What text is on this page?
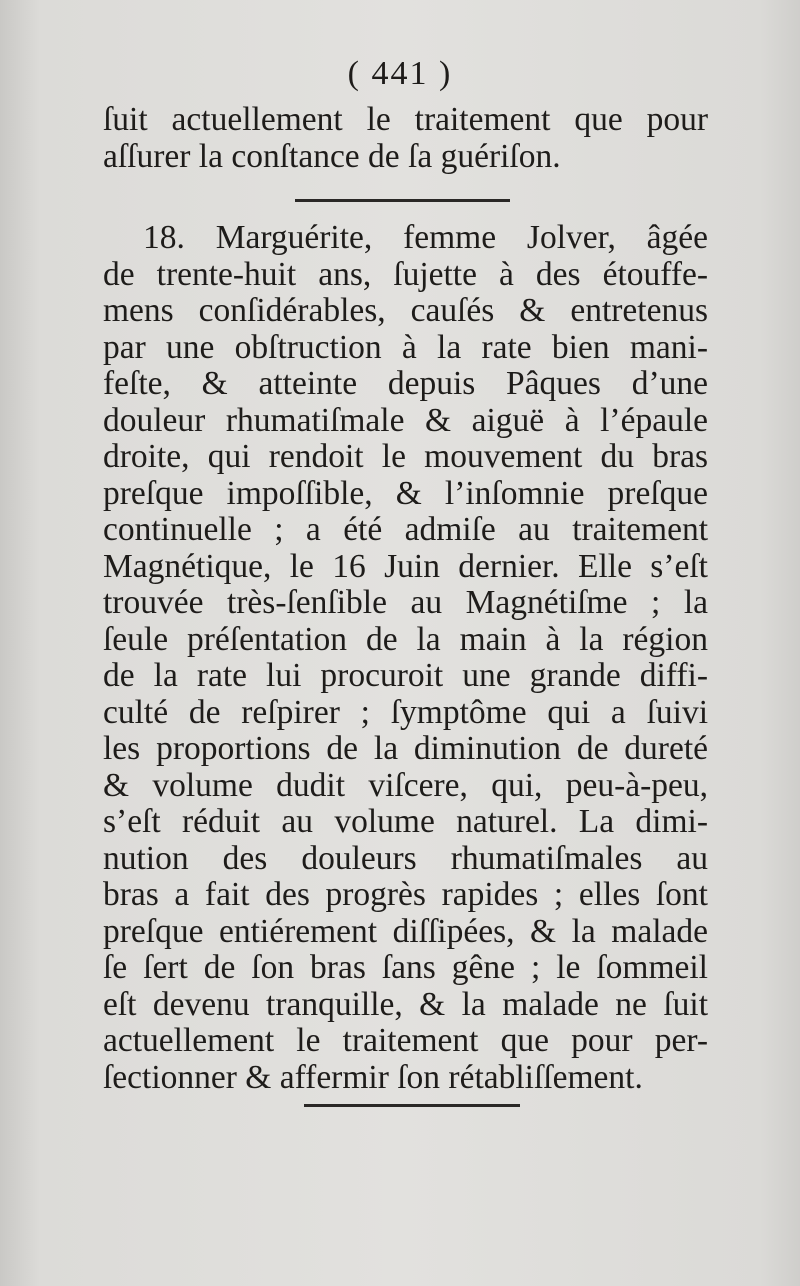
( 441 )
ſuit actuellement le traitement que pour
aſſurer la conſtance de ſa guériſon.
18. Marguérite, femme Jolver, âgée
de trente-huit ans, ſujette à des étouffe-
mens conſidérables, cauſés & entretenus
par une obſtruction à la rate bien mani-
feſte, & atteinte depuis Pâques d’une
douleur rhumatiſmale & aiguë à l’épaule
droite, qui rendoit le mouvement du bras
preſque impoſſible, & l’inſomnie preſque
continuelle ; a été admiſe au traitement
Magnétique, le 16 Juin dernier. Elle s’eſt
trouvée très-ſenſible au Magnétiſme ; la
ſeule préſentation de la main à la région
de la rate lui procuroit une grande diffi-
culté de reſpirer ; ſymptôme qui a ſuivi
les proportions de la diminution de dureté
& volume dudit viſcere, qui, peu-à-peu,
s’eſt réduit au volume naturel. La dimi-
nution des douleurs rhumatiſmales au
bras a fait des progrès rapides ; elles ſont
preſque entiérement diſſipées, & la malade
ſe ſert de ſon bras ſans gêne ; le ſommeil
eſt devenu tranquille, & la malade ne ſuit
actuellement le traitement que pour per-
ſectionner & affermir ſon rétabliſſement.
